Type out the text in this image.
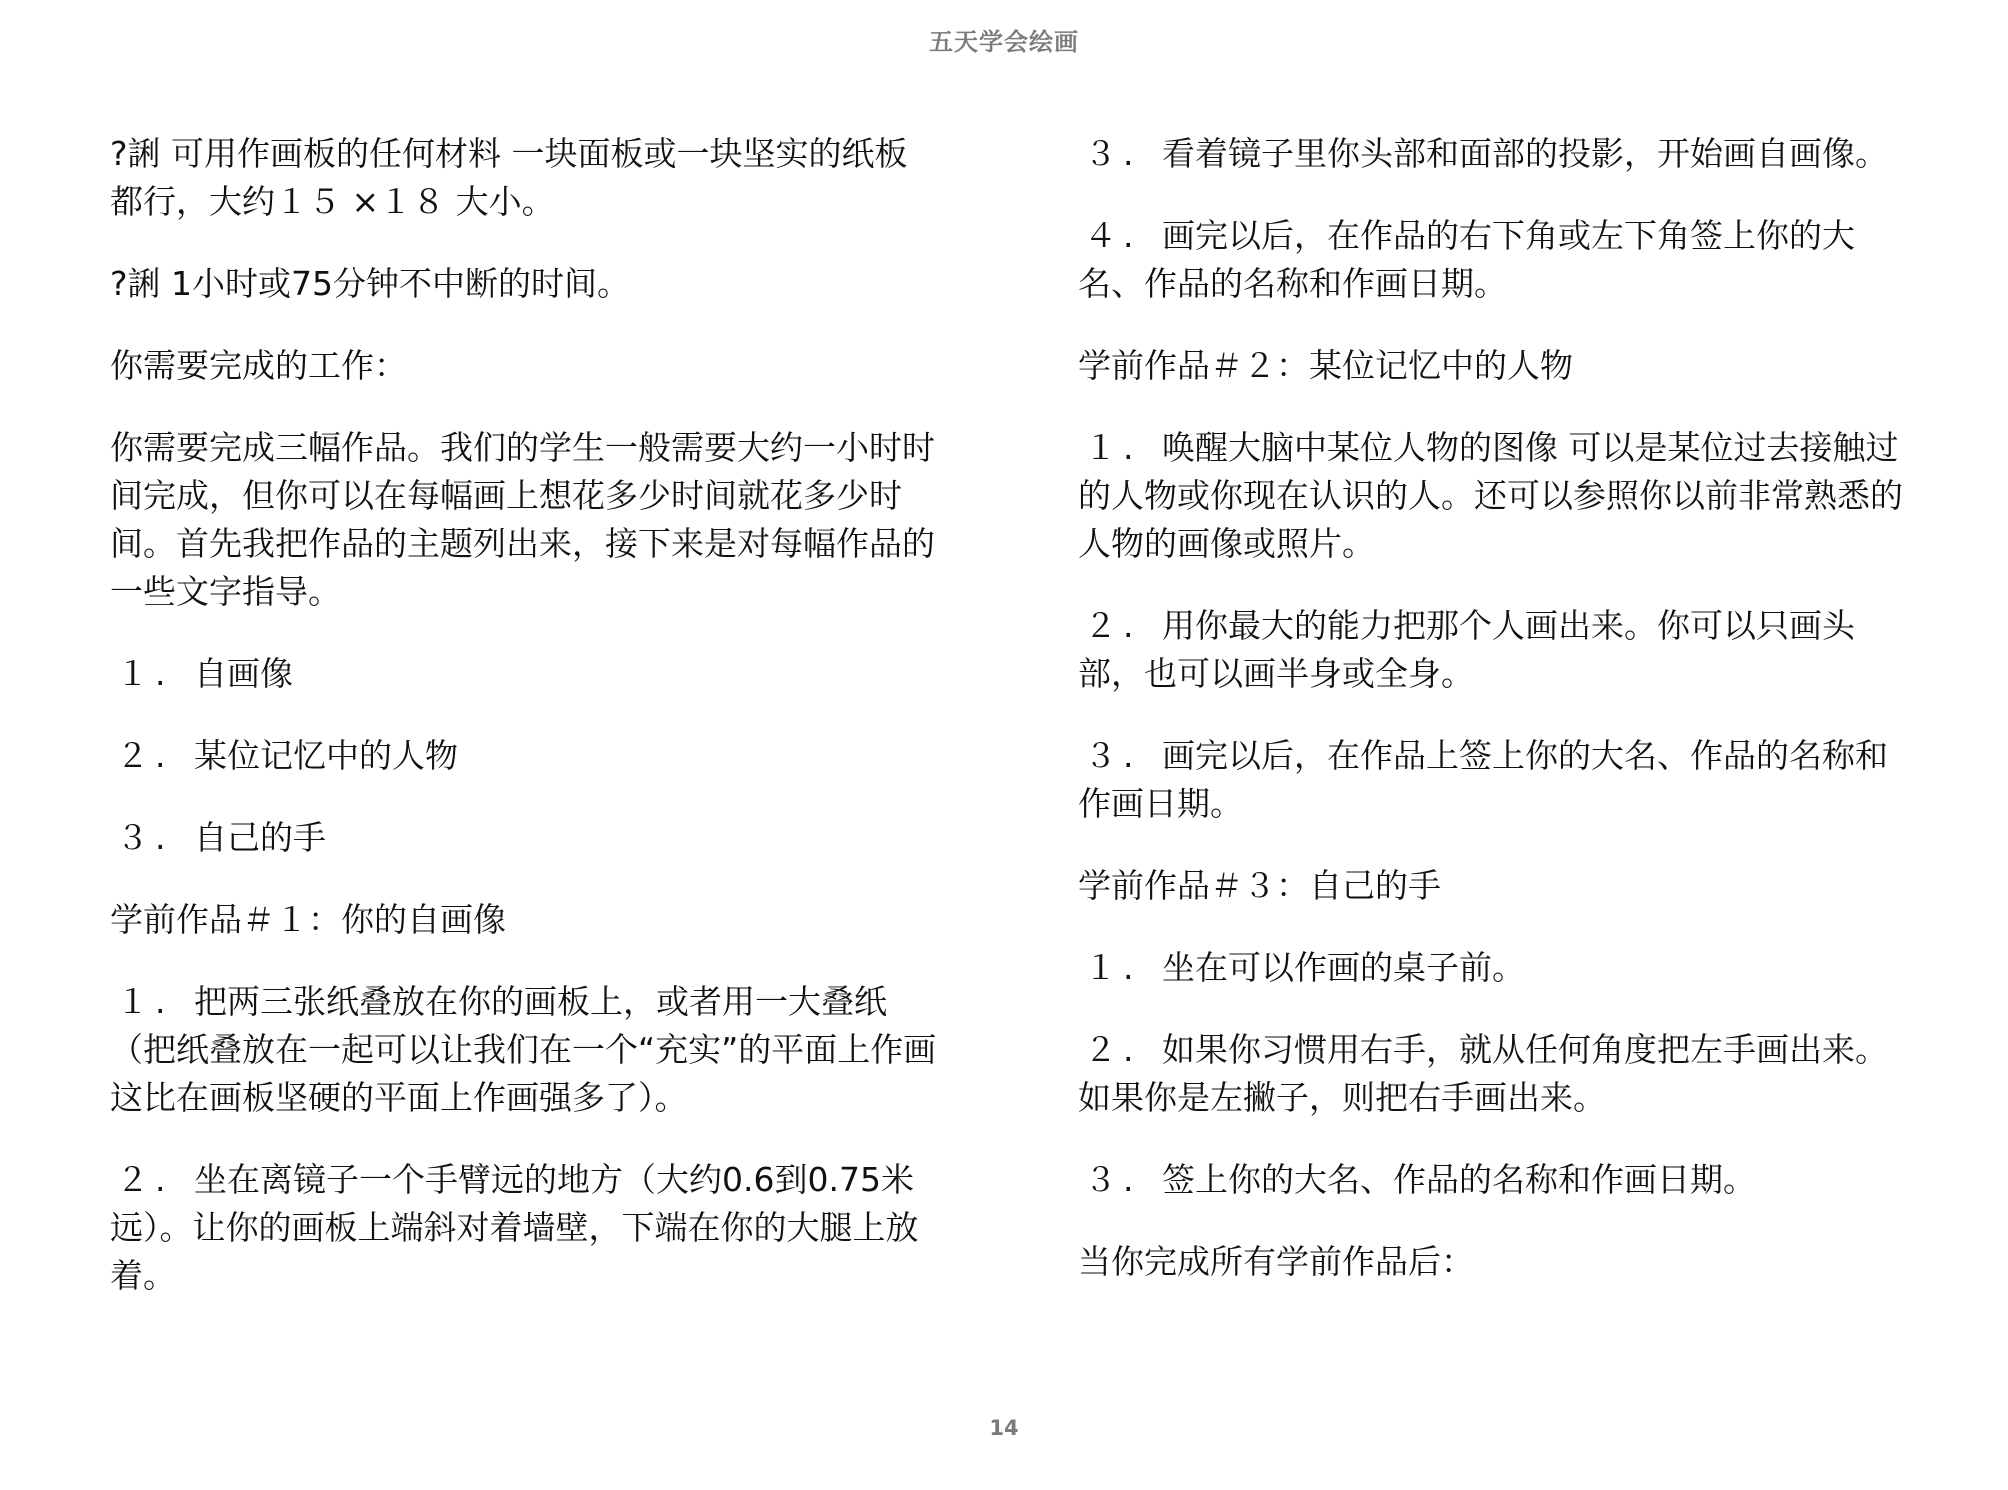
五天学会绘画

?誗 可用作画板的任何材料 一块面板或一块坚实的纸板都行，大约１５ ×１８ 大小。

?誗 1小时或75分钟不中断的时间。

你需要完成的工作：

你需要完成三幅作品。我们的学生一般需要大约一小时时间完成，但你可以在每幅画上想花多少时间就花多少时间。首先我把作品的主题列出来，接下来是对每幅作品的一些文字指导。

１. 自画像

２. 某位记忆中的人物

３. 自己的手

学前作品＃１：你的自画像

１. 把两三张纸叠放在你的画板上，或者用一大叠纸 （把纸叠放在一起可以让我们在一个“充实”的平面上作画 这比在画板坚硬的平面上作画强多了）。

２. 坐在离镜子一个手臂远的地方（大约0.6到0.75米远）。让你的画板上端斜对着墙壁，下端在你的大腿上放着。

３. 看着镜子里你头部和面部的投影，开始画自画像。

４. 画完以后，在作品的右下角或左下角签上你的大名、作品的名称和作画日期。

学前作品＃２：某位记忆中的人物

１. 唤醒大脑中某位人物的图像 可以是某位过去接触过的人物或你现在认识的人。还可以参照你以前非常熟悉的人物的画像或照片。

２. 用你最大的能力把那个人画出来。你可以只画头部，也可以画半身或全身。

３. 画完以后，在作品上签上你的大名、作品的名称和作画日期。

学前作品＃３：自己的手

１. 坐在可以作画的桌子前。

２. 如果你习惯用右手，就从任何角度把左手画出来。如果你是左撇子，则把右手画出来。

３. 签上你的大名、作品的名称和作画日期。

当你完成所有学前作品后：

14
